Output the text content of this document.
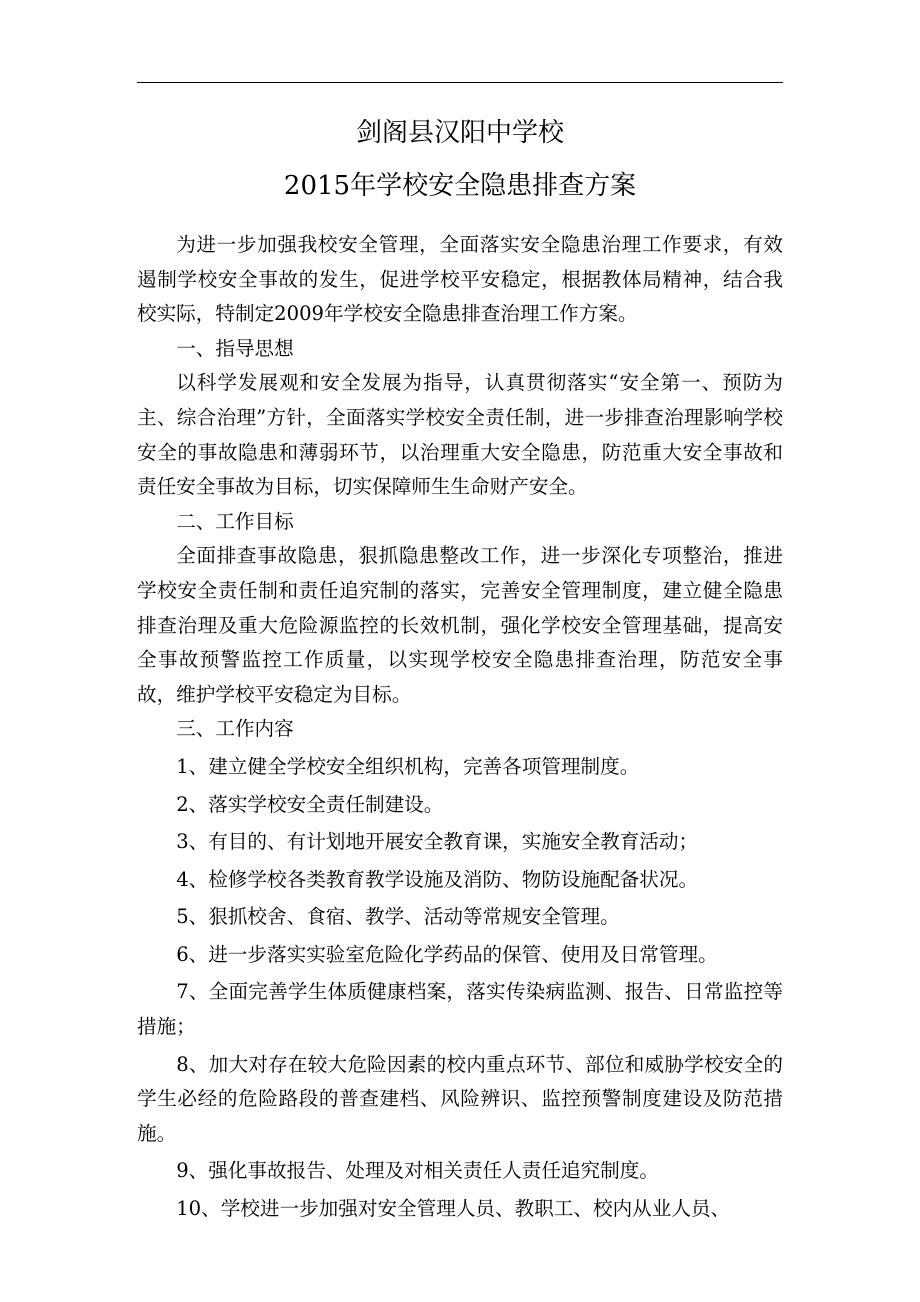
剑阁县汉阳中学校
2015年学校安全隐患排查方案

为进一步加强我校安全管理，全面落实安全隐患治理工作要求，有效遏制学校安全事故的发生，促进学校平安稳定，根据教体局精神，结合我校实际，特制定2009年学校安全隐患排查治理工作方案。

一、指导思想

以科学发展观和安全发展为指导，认真贯彻落实“安全第一、预防为主、综合治理”方针，全面落实学校安全责任制，进一步排查治理影响学校安全的事故隐患和薄弱环节，以治理重大安全隐患，防范重大安全事故和责任安全事故为目标，切实保障师生生命财产安全。

二、工作目标

全面排查事故隐患，狠抓隐患整改工作，进一步深化专项整治，推进学校安全责任制和责任追究制的落实，完善安全管理制度，建立健全隐患排查治理及重大危险源监控的长效机制，强化学校安全管理基础，提高安全事故预警监控工作质量，以实现学校安全隐患排查治理，防范安全事故，维护学校平安稳定为目标。

三、工作内容

1、建立健全学校安全组织机构，完善各项管理制度。

2、落实学校安全责任制建设。

3、有目的、有计划地开展安全教育课，实施安全教育活动；

4、检修学校各类教育教学设施及消防、物防设施配备状况。

5、狠抓校舍、食宿、教学、活动等常规安全管理。

6、进一步落实实验室危险化学药品的保管、使用及日常管理。

7、全面完善学生体质健康档案，落实传染病监测、报告、日常监控等措施；

8、加大对存在较大危险因素的校内重点环节、部位和威胁学校安全的学生必经的危险路段的普查建档、风险辨识、监控预警制度建设及防范措施。

9、强化事故报告、处理及对相关责任人责任追究制度。

10、学校进一步加强对安全管理人员、教职工、校内从业人员、
